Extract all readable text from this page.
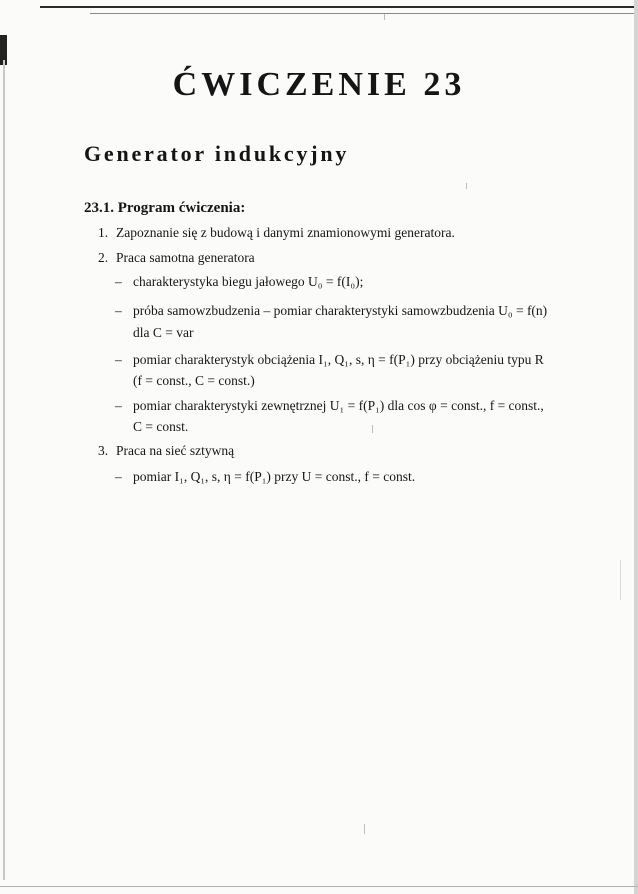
ĆWICZENIE 23
Generator indukcyjny
23.1. Program ćwiczenia:
1. Zapoznanie się z budową i danymi znamionowymi generatora.
2. Praca samotna generatora
– charakterystyka biegu jałowego U₀ = f(I₀);
– próba samowzbudzenia – pomiar charakterystyki samowzbudzenia U₀ = f(n)
dla C = var
– pomiar charakterystyk obciążenia I₁, Q₁, s, η = f(P₁) przy obciążeniu typu R
(f = const., C = const.)
– pomiar charakterystyki zewnętrznej U₁ = f(P₁) dla cos φ = const., f = const.,
C = const.
3. Praca na sieć sztywną
– pomiar I₁, Q₁, s, η = f(P₁) przy U = const., f = const.
